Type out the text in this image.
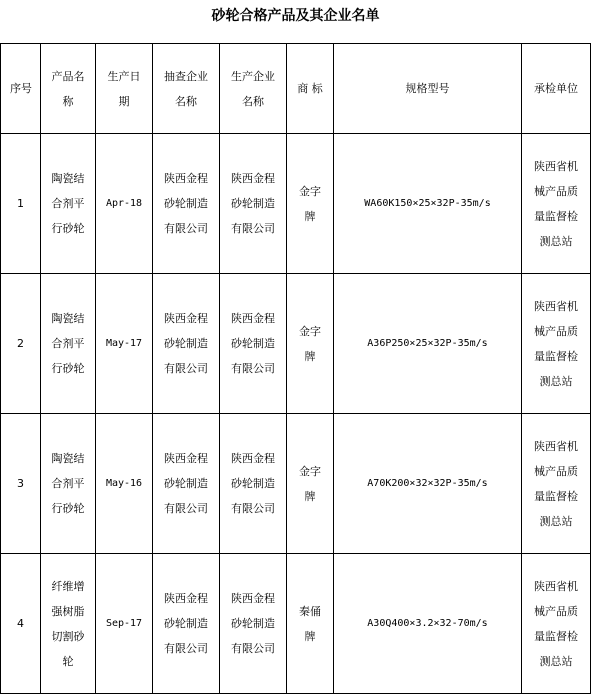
砂轮合格产品及其企业名单
序号	产品名称	生产日期	抽查企业名称	生产企业名称	商 标	规格型号	承检单位
1	陶瓷结合剂平行砂轮	Apr-18	陕西金程砂轮制造有限公司	陕西金程砂轮制造有限公司	金字牌	WA60K150×25×32P-35m/s	陕西省机械产品质量监督检测总站
2	陶瓷结合剂平行砂轮	May-17	陕西金程砂轮制造有限公司	陕西金程砂轮制造有限公司	金字牌	A36P250×25×32P-35m/s	陕西省机械产品质量监督检测总站
3	陶瓷结合剂平行砂轮	May-16	陕西金程砂轮制造有限公司	陕西金程砂轮制造有限公司	金字牌	A70K200×32×32P-35m/s	陕西省机械产品质量监督检测总站
4	纤维增强树脂切割砂轮	Sep-17	陕西金程砂轮制造有限公司	陕西金程砂轮制造有限公司	秦俑牌	A30Q400×3.2×32-70m/s	陕西省机械产品质量监督检测总站
